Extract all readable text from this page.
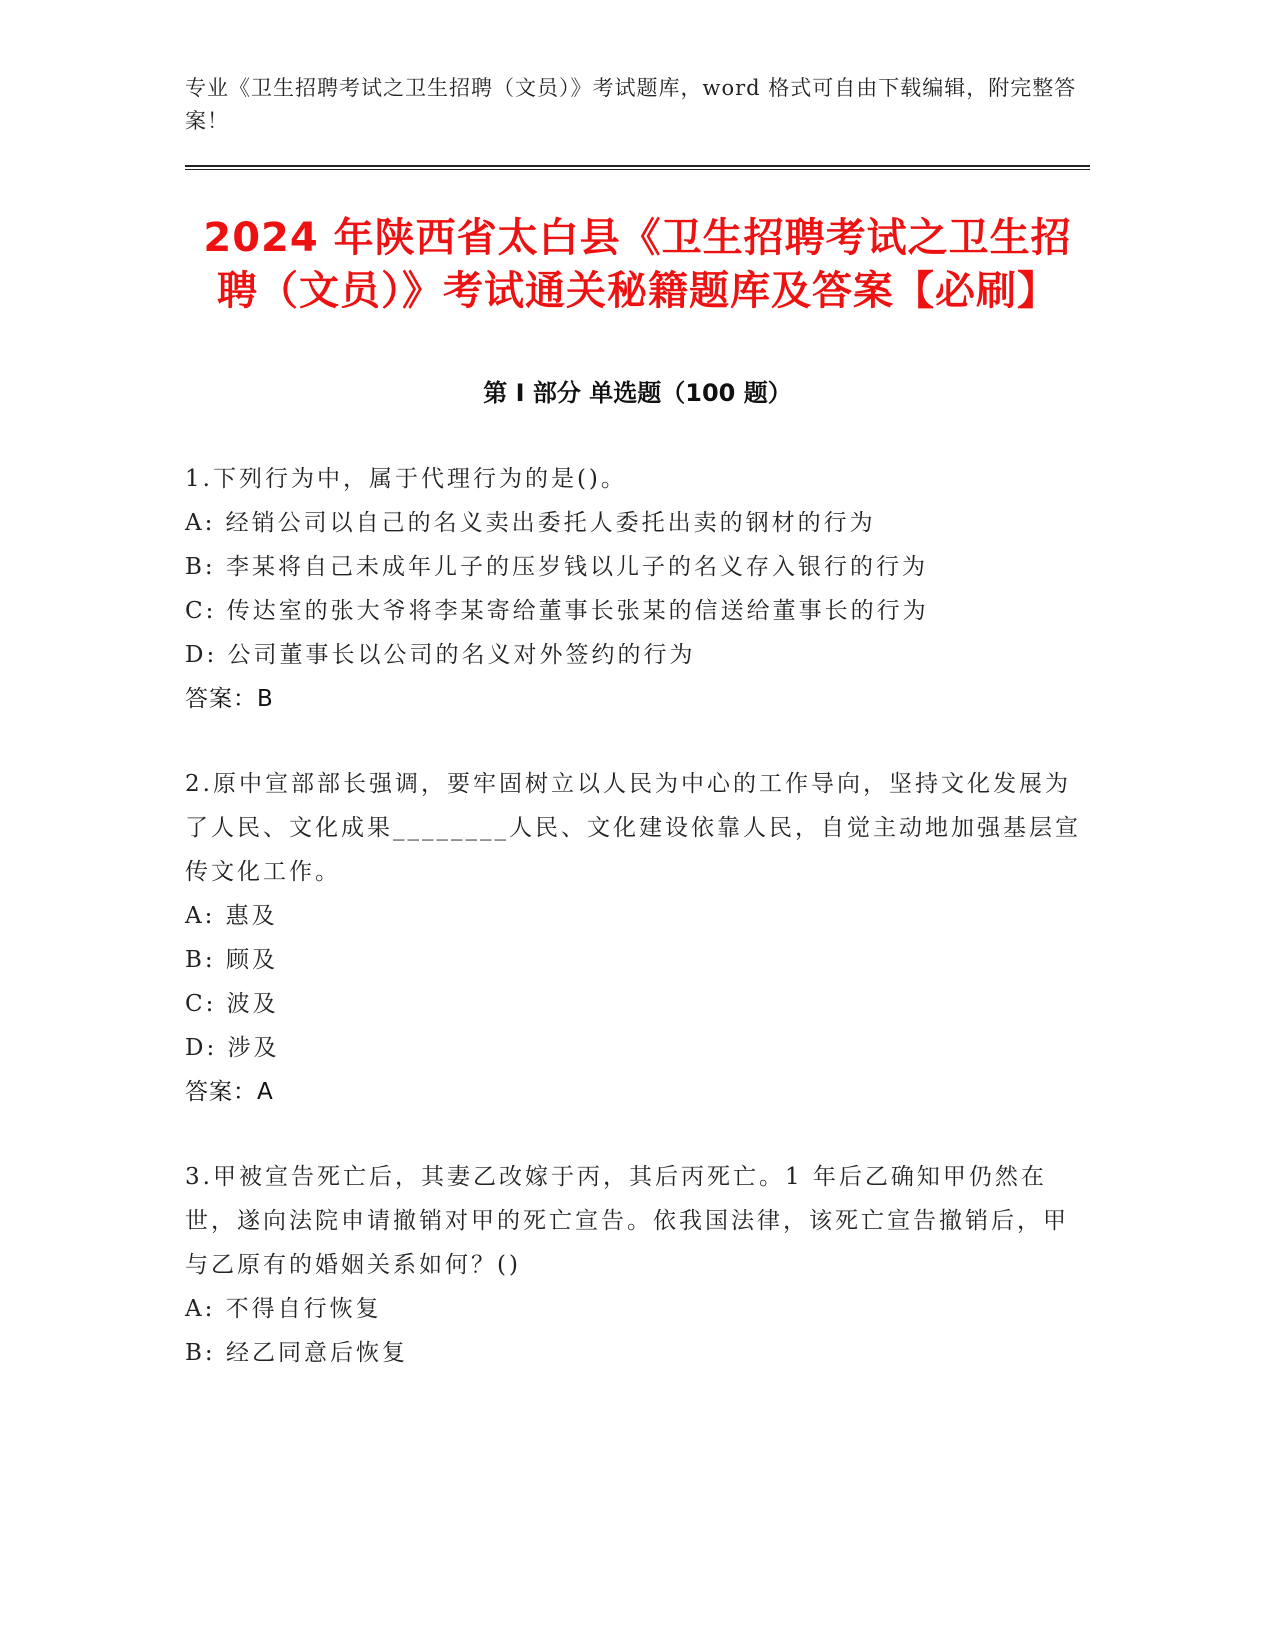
专业《卫生招聘考试之卫生招聘（文员）》考试题库，word 格式可自由下载编辑，附完整答案！

2024 年陕西省太白县《卫生招聘考试之卫生招聘（文员）》考试通关秘籍题库及答案【必刷】
第 I 部分 单选题（100 题）

1.下列行为中，属于代理行为的是()。

A: 经销公司以自己的名义卖出委托人委托出卖的钢材的行为

B: 李某将自己未成年儿子的压岁钱以儿子的名义存入银行的行为

C: 传达室的张大爷将李某寄给董事长张某的信送给董事长的行为

D: 公司董事长以公司的名义对外签约的行为

答案：B

2.原中宣部部长强调，要牢固树立以人民为中心的工作导向，坚持文化发展为了人民、文化成果________人民、文化建设依靠人民，自觉主动地加强基层宣传文化工作。

A: 惠及

B: 顾及

C: 波及

D: 涉及

答案：A

3.甲被宣告死亡后，其妻乙改嫁于丙，其后丙死亡。1 年后乙确知甲仍然在世，遂向法院申请撤销对甲的死亡宣告。依我国法律，该死亡宣告撤销后，甲与乙原有的婚姻关系如何？()

A: 不得自行恢复

B: 经乙同意后恢复
